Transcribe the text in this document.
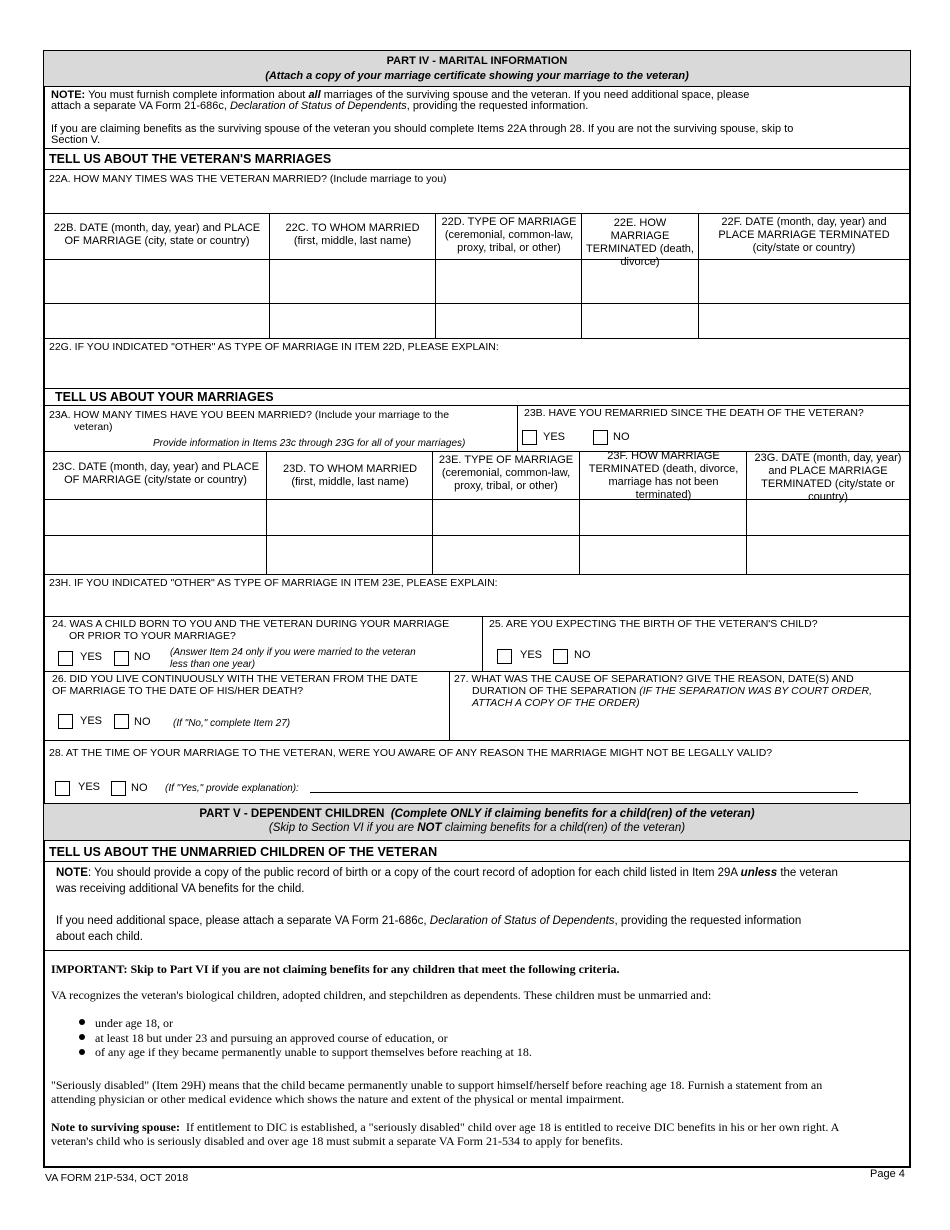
PART IV - MARITAL INFORMATION
(Attach a copy of your marriage certificate showing your marriage to the veteran)
NOTE: You must furnish complete information about all marriages of the surviving spouse and the veteran. If you need additional space, please
attach a separate VA Form 21-686c, Declaration of Status of Dependents, providing the requested information.
If you are claiming benefits as the surviving spouse of the veteran you should complete Items 22A through 28. If you are not the surviving spouse, skip to
Section V.
TELL US ABOUT THE VETERAN'S MARRIAGES
22A. HOW MANY TIMES WAS THE VETERAN MARRIED? (Include marriage to you)
22B. DATE (month, day, year) and PLACE OF MARRIAGE (city, state or country)
22C. TO WHOM MARRIED (first, middle, last name)
22D. TYPE OF MARRIAGE (ceremonial, common-law, proxy, tribal, or other)
22E. HOW MARRIAGE TERMINATED (death, divorce)
22F. DATE (month, day, year) and PLACE MARRIAGE TERMINATED (city/state or country)
22G. IF YOU INDICATED "OTHER" AS TYPE OF MARRIAGE IN ITEM 22D, PLEASE EXPLAIN:
TELL US ABOUT YOUR MARRIAGES
23A. HOW MANY TIMES HAVE YOU BEEN MARRIED? (Include your marriage to the
veteran)
Provide information in Items 23c through 23G for all of your marriages)
23B. HAVE YOU REMARRIED SINCE THE DEATH OF THE VETERAN?
YES	NO
23C. DATE (month, day, year) and PLACE OF MARRIAGE (city/state or country)
23D. TO WHOM MARRIED (first, middle, last name)
23E. TYPE OF MARRIAGE (ceremonial, common-law, proxy, tribal, or other)
23F. HOW MARRIAGE TERMINATED (death, divorce, marriage has not been terminated)
23G. DATE (month, day, year) and PLACE MARRIAGE TERMINATED (city/state or country)
23H. IF YOU INDICATED "OTHER" AS TYPE OF MARRIAGE IN ITEM 23E, PLEASE EXPLAIN:
24. WAS A CHILD BORN TO YOU AND THE VETERAN DURING YOUR MARRIAGE
OR PRIOR TO YOUR MARRIAGE?
YES	NO (Answer Item 24 only if you were married to the veteran
less than one year)
25. ARE YOU EXPECTING THE BIRTH OF THE VETERAN'S CHILD?
YES	NO
26. DID YOU LIVE CONTINUOUSLY WITH THE VETERAN FROM THE DATE
OF MARRIAGE TO THE DATE OF HIS/HER DEATH?
YES	NO (If "No," complete Item 27)
27. WHAT WAS THE CAUSE OF SEPARATION? GIVE THE REASON, DATE(S) AND
DURATION OF THE SEPARATION (IF THE SEPARATION WAS BY COURT ORDER,
ATTACH A COPY OF THE ORDER)
28. AT THE TIME OF YOUR MARRIAGE TO THE VETERAN, WERE YOU AWARE OF ANY REASON THE MARRIAGE MIGHT NOT BE LEGALLY VALID?
YES	NO (If "Yes," provide explanation):
PART V - DEPENDENT CHILDREN (Complete ONLY if claiming benefits for a child(ren) of the veteran)
(Skip to Section VI if you are NOT claiming benefits for a child(ren) of the veteran)
TELL US ABOUT THE UNMARRIED CHILDREN OF THE VETERAN
NOTE: You should provide a copy of the public record of birth or a copy of the court record of adoption for each child listed in Item 29A unless the veteran
was receiving additional VA benefits for the child.
If you need additional space, please attach a separate VA Form 21-686c, Declaration of Status of Dependents, providing the requested information
about each child.
IMPORTANT: Skip to Part VI if you are not claiming benefits for any children that meet the following criteria.
VA recognizes the veteran's biological children, adopted children, and stepchildren as dependents. These children must be unmarried and:
under age 18, or
at least 18 but under 23 and pursuing an approved course of education, or
of any age if they became permanently unable to support themselves before reaching at 18.
"Seriously disabled" (Item 29H) means that the child became permanently unable to support himself/herself before reaching age 18. Furnish a statement from an
attending physician or other medical evidence which shows the nature and extent of the physical or mental impairment.
Note to surviving spouse: If entitlement to DIC is established, a "seriously disabled" child over age 18 is entitled to receive DIC benefits in his or her own right. A
veteran's child who is seriously disabled and over age 18 must submit a separate VA Form 21-534 to apply for benefits.
VA FORM 21P-534, OCT 2018	Page 4
